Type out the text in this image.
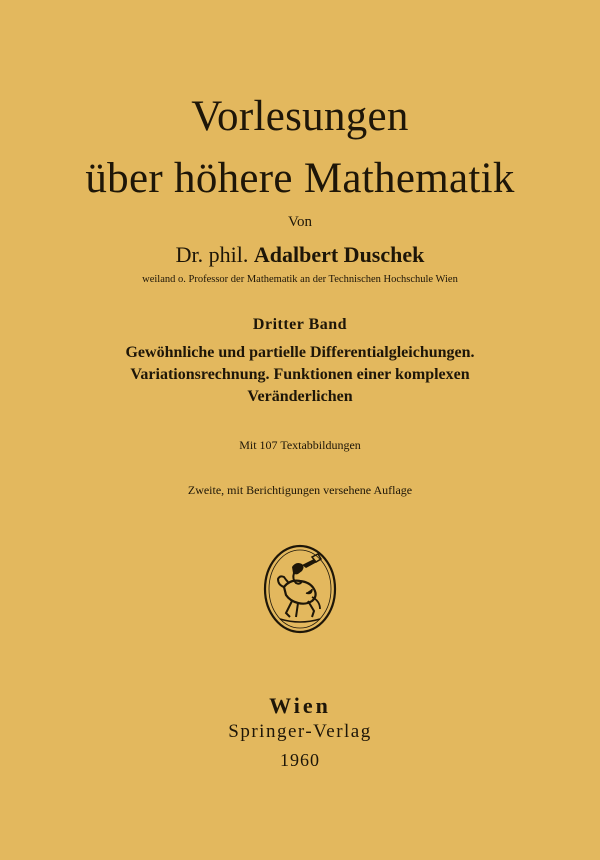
Vorlesungen
über höhere Mathematik
Von
Dr. phil. Adalbert Duschek
weiland o. Professor der Mathematik an der Technischen Hochschule Wien
Dritter Band
Gewöhnliche und partielle Differentialgleichungen.
Variationsrechnung. Funktionen einer komplexen
Veränderlichen
Mit 107 Textabbildungen
Zweite, mit Berichtigungen versehene Auflage
Wien
Springer-Verlag
1960
